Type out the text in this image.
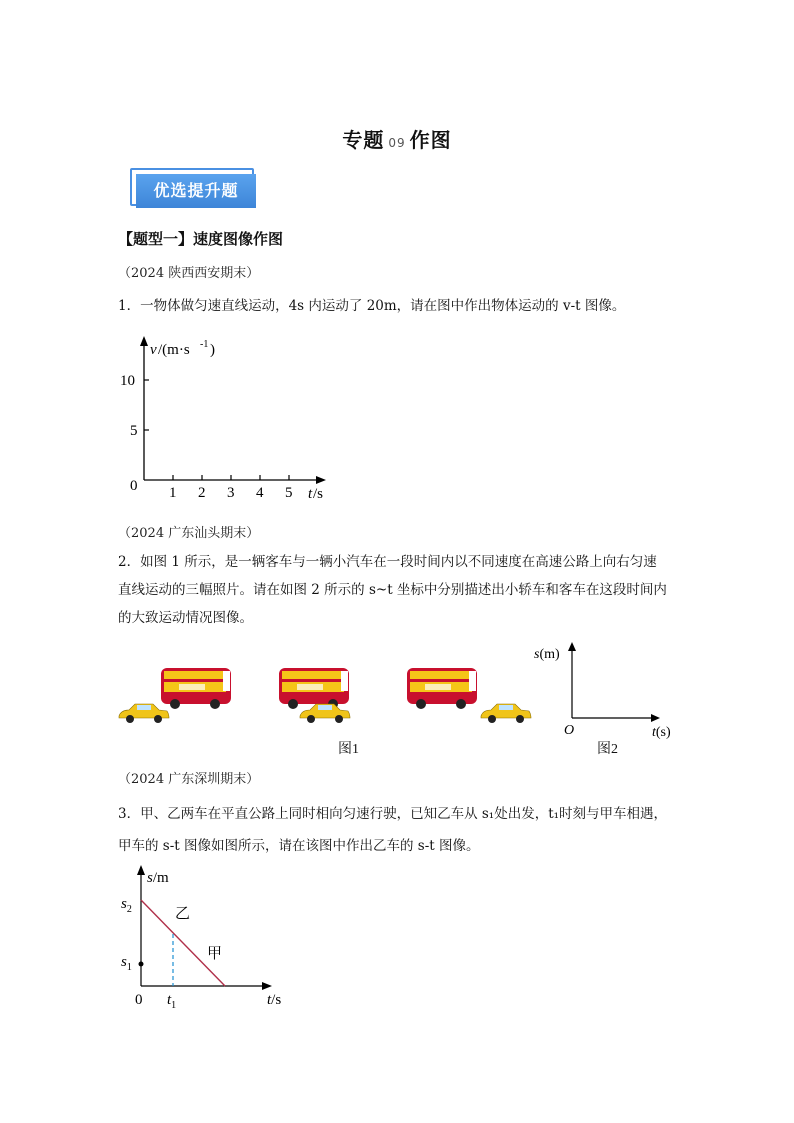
专题 09 作图
优选提升题
【题型一】速度图像作图
（2024 陕西西安期末）
1．一物体做匀速直线运动，4s 内运动了 20m，请在图中作出物体运动的 v-t 图像。
1 2 3 4 5
5
10
v /(m·s -1 )
0	t /s
（2024 广东汕头期末）
2．如图 1 所示，是一辆客车与一辆小汽车在一段时间内以不同速度在高速公路上向右匀速
直线运动的三幅照片。请在如图 2 所示的 s~t 坐标中分别描述出小轿车和客车在这段时间内
的大致运动情况图像。
图1
s(m)
O	t(s)
图2
（2024 广东深圳期末）
3．甲、乙两车在平直公路上同时相向匀速行驶，已知乙车从 s₁处出发，t₁时刻与甲车相遇，
甲车的 s-t 图像如图所示，请在该图中作出乙车的 s-t 图像。
s/m
$s_2$
$s_1$
0 $t_1$
乙
甲
t/s
